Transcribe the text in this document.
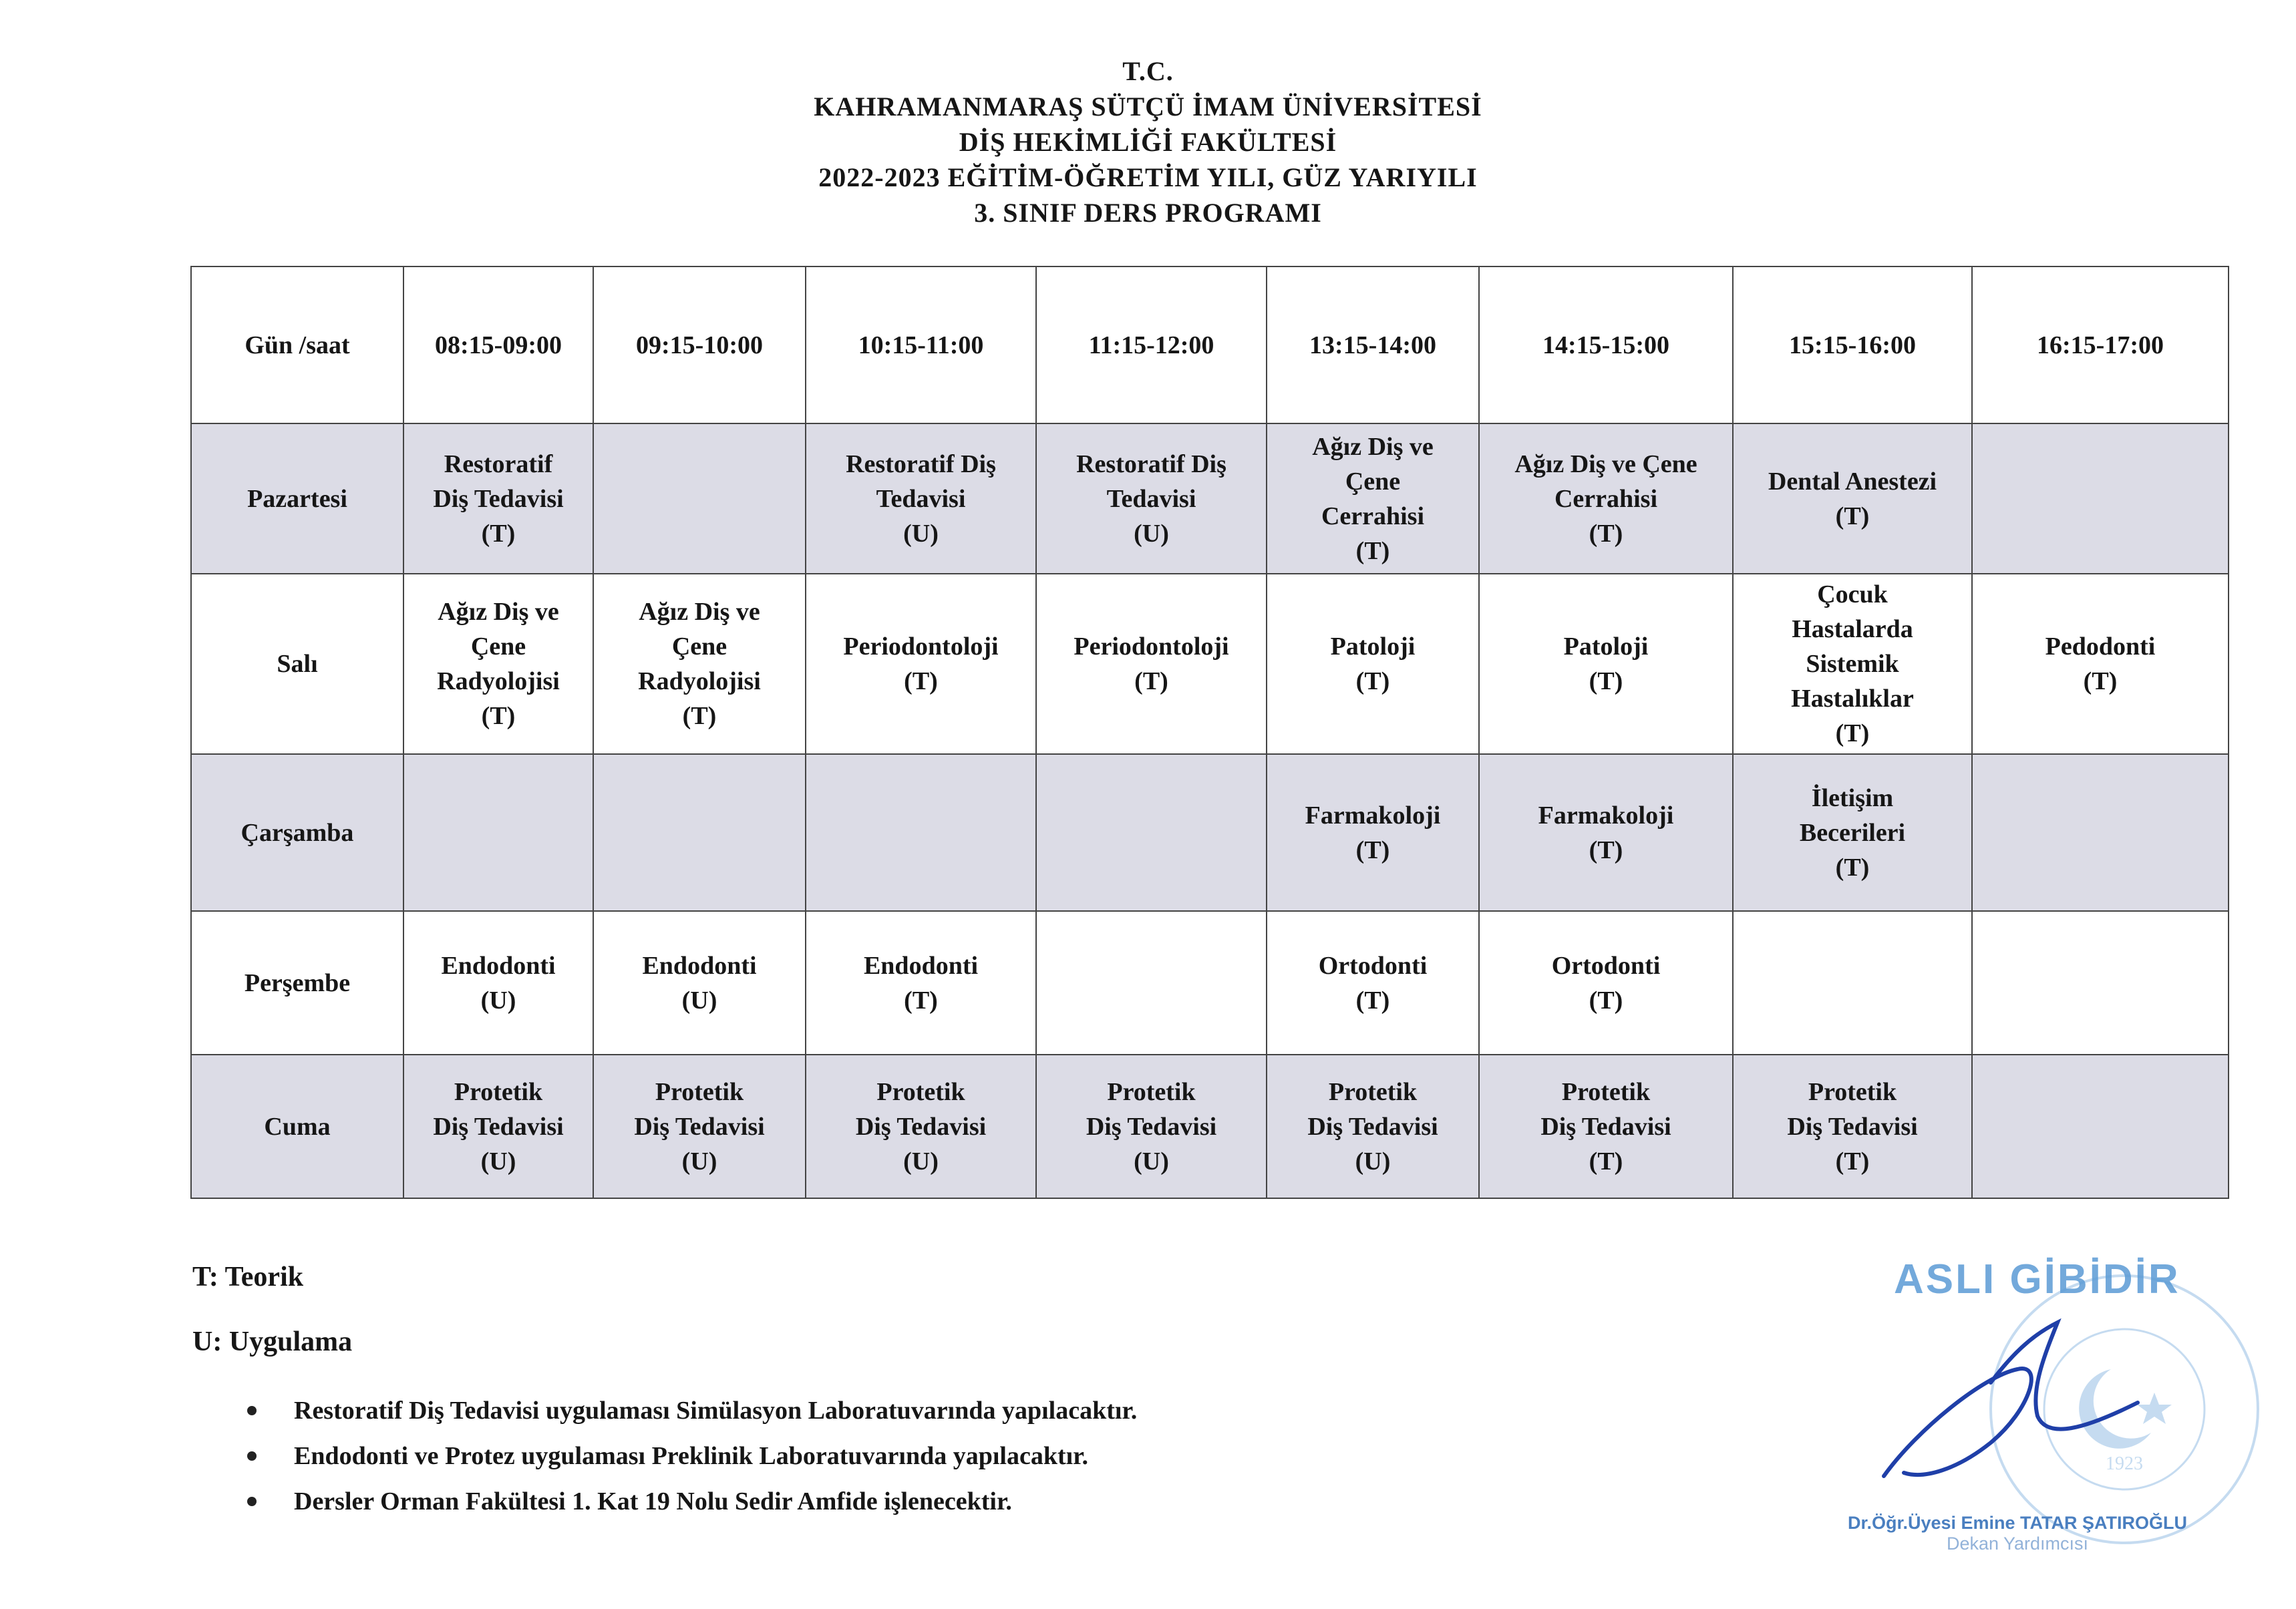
T.C.
KAHRAMANMARAŞ SÜTÇÜ İMAM ÜNİVERSİTESİ
DİŞ HEKİMLİĞİ FAKÜLTESİ
2022-2023 EĞİTİM-ÖĞRETİM YILI, GÜZ YARIYILI
3. SINIF DERS PROGRAMI
Gün /saat	08:15-09:00	09:15-10:00	10:15-11:00	11:15-12:00	13:15-14:00	14:15-15:00	15:15-16:00	16:15-17:00
Pazartesi	Restoratif
Diş Tedavisi
(T)		Restoratif Diş
Tedavisi
(U)	Restoratif Diş
Tedavisi
(U)	Ağız Diş ve
Çene
Cerrahisi
(T)	Ağız Diş ve Çene
Cerrahisi
(T)	Dental Anestezi
(T)	

Salı	Ağız Diş ve
Çene
Radyolojisi
(T)	Ağız Diş ve
Çene
Radyolojisi
(T)	Periodontoloji
(T)	Periodontoloji
(T)	Patoloji
(T)	Patoloji
(T)	Çocuk
Hastalarda
Sistemik
Hastalıklar
(T)	Pedodonti
(T)

Çarşamba					Farmakoloji
(T)	Farmakoloji
(T)	İletişim
Becerileri
(T)	

Perşembe	Endodonti
(U)	Endodonti
(U)	Endodonti
(T)		Ortodonti
(T)	Ortodonti
(T)		

Cuma	Protetik
Diş Tedavisi
(U)	Protetik
Diş Tedavisi
(U)	Protetik
Diş Tedavisi
(U)	Protetik
Diş Tedavisi
(U)	Protetik
Diş Tedavisi
(U)	Protetik
Diş Tedavisi
(T)	Protetik
Diş Tedavisi
(T)	

T: Teorik
U: Uygulama
Restoratif Diş Tedavisi uygulaması Simülasyon Laboratuvarında yapılacaktır.
Endodonti ve Protez uygulaması Preklinik Laboratuvarında yapılacaktır.
Dersler Orman Fakültesi 1. Kat 19 Nolu Sedir Amfide işlenecektir.
1923
ASLI GİBİDİR
Dr.Öğr.Üyesi Emine TATAR ŞATIROĞLU
Dekan Yardımcısı
